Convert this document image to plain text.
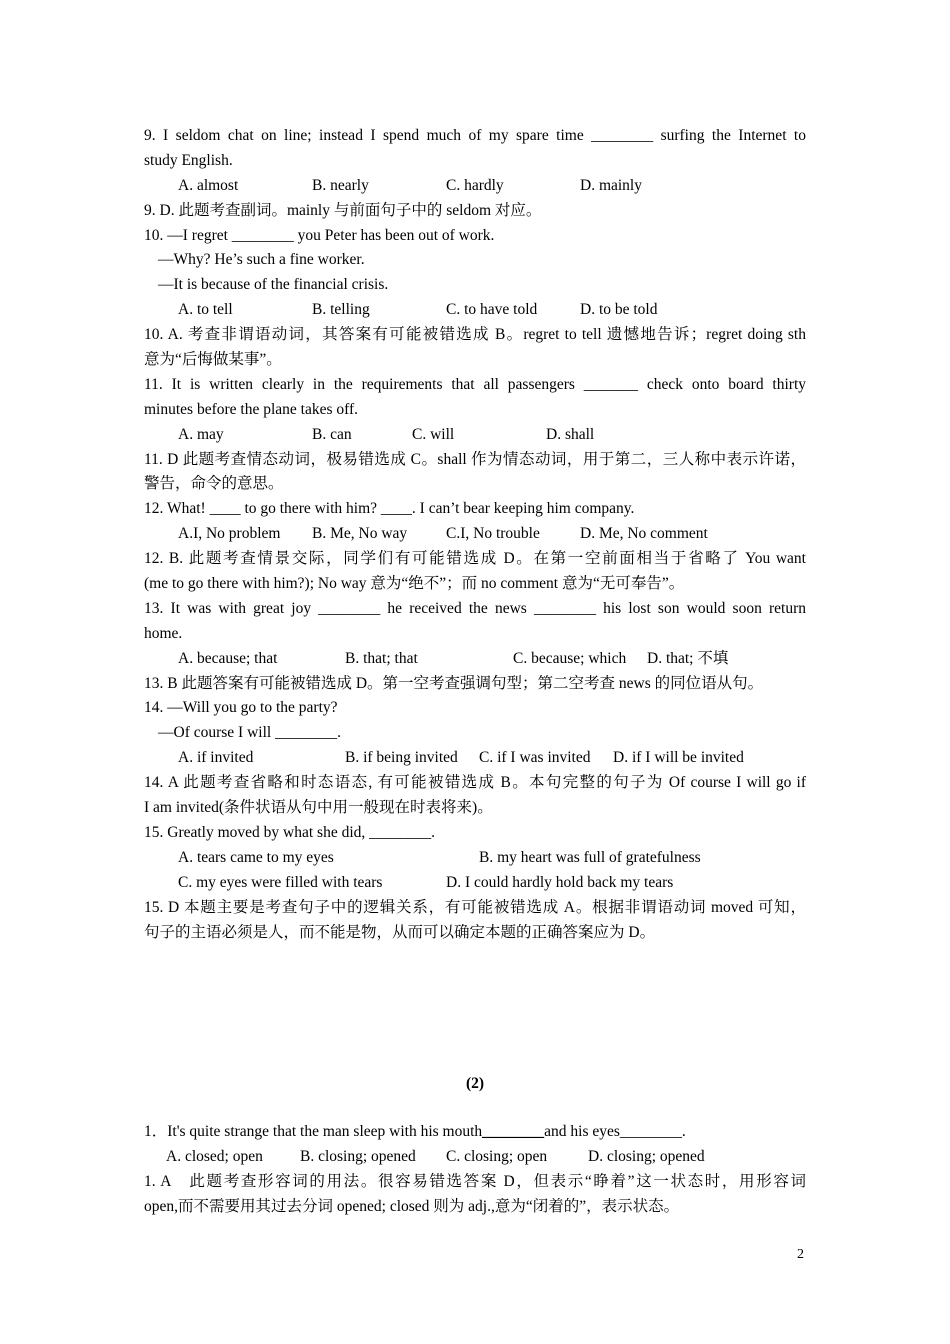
9. I seldom chat on line; instead I spend much of my spare time ________ surfing the Internet to
study English.
A. almost	B. nearly	C. hardly	D. mainly
9. D. 此题考查副词。mainly 与前面句子中的 seldom 对应。
10. —I regret ________ you Peter has been out of work.
—Why? He’s such a fine worker.
—It is because of the financial crisis.
A. to tell	B. telling	C. to have told	D. to be told
10. A. 考查非谓语动词，其答案有可能被错选成 B。regret to tell 遗憾地告诉；regret doing sth
意为“后悔做某事”。
11. It is written clearly in the requirements that all passengers _______ check onto board thirty
minutes before the plane takes off.
A. may	B. can	C. will	D. shall
11. D 此题考查情态动词，极易错选成 C。shall 作为情态动词，用于第二，三人称中表示许诺，
警告，命令的意思。
12. What! ____ to go there with him? ____. I can’t bear keeping him company.
A.I, No problem B. Me, No way	C.I, No trouble	D. Me, No comment
12. B. 此题考查情景交际，同学们有可能错选成 D。在第一空前面相当于省略了 You want
(me to go there with him?); No way 意为“绝不”；而 no comment 意为“无可奉告”。
13. It was with great joy ________ he received the news ________ his lost son would soon return
home.
A. because; that	B. that; that	C. because; which D. that; 不填
13. B 此题答案有可能被错选成 D。第一空考查强调句型；第二空考查 news 的同位语从句。
14. —Will you go to the party?
—Of course I will ________.
A. if invited	B. if being invited C. if I was invited D. if I will be invited
14. A 此题考查省略和时态语态, 有可能被错选成 B。本句完整的句子为 Of course I will go if
I am invited(条件状语从句中用一般现在时表将来)。
15. Greatly moved by what she did, ________.
A. tears came to my eyes	B. my heart was full of gratefulness
C. my eyes were filled with tears	D. I could hardly hold back my tears
15. D 本题主要是考查句子中的逻辑关系，有可能被错选成 A。根据非谓语动词 moved 可知，
句子的主语必须是人，而不能是物，从而可以确定本题的正确答案应为 D。
(2)
1．It's quite strange that the man sleep with his mouth________and his eyes________.
A. closed; open B. closing; opened C. closing; open	D. closing; opened
1. A　此题考查形容词的用法。很容易错选答案 D，但表示“睁着”这一状态时，用形容词
open,而不需要用其过去分词 opened; closed 则为 adj.,意为“闭着的”，表示状态。
2
